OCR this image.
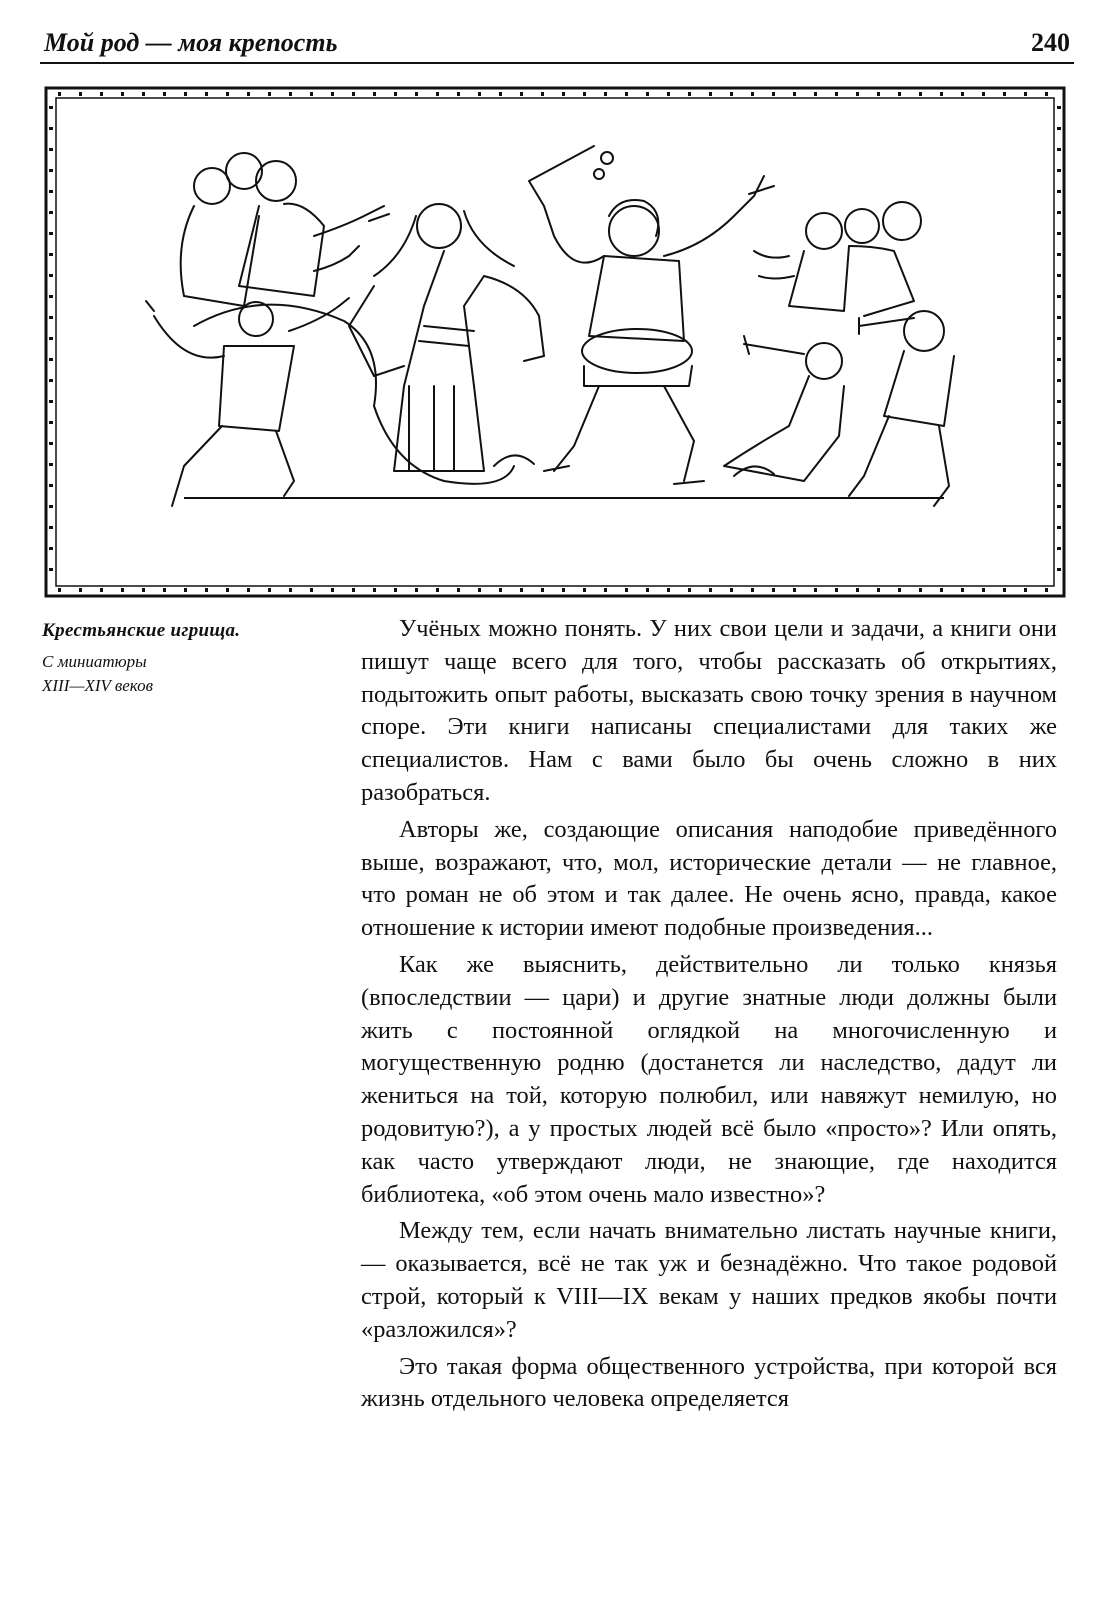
Мой род — моя крепость	240
Крестьянские игрища.
С миниатюры
XIII—XIV веков

Учёных можно понять. У них свои цели и задачи, а книги они пишут чаще всего для того, чтобы рассказать об открытиях, подытожить опыт работы, высказать свою точку зрения в научном споре. Эти книги написаны специалистами для таких же специалистов. Нам с вами было бы очень сложно в них разобраться.

Авторы же, создающие описания наподобие приведённого выше, возражают, что, мол, исторические детали — не главное, что роман не об этом и так далее. Не очень ясно, правда, какое отношение к истории имеют подобные произведения...

Как же выяснить, действительно ли только князья (впоследствии — цари) и другие знатные люди должны были жить с постоянной оглядкой на многочисленную и могущественную родню (достанется ли наследство, дадут ли жениться на той, которую полюбил, или навяжут немилую, но родовитую?), а у простых людей всё было «просто»? Или опять, как часто утверждают люди, не знающие, где находится библиотека, «об этом очень мало известно»?

Между тем, если начать внимательно листать научные книги, — оказывается, всё не так уж и безнадёжно. Что такое родовой строй, который к VIII—IX векам у наших предков якобы почти «разложился»?

Это такая форма общественного устройства, при которой вся жизнь отдельного человека определяется
